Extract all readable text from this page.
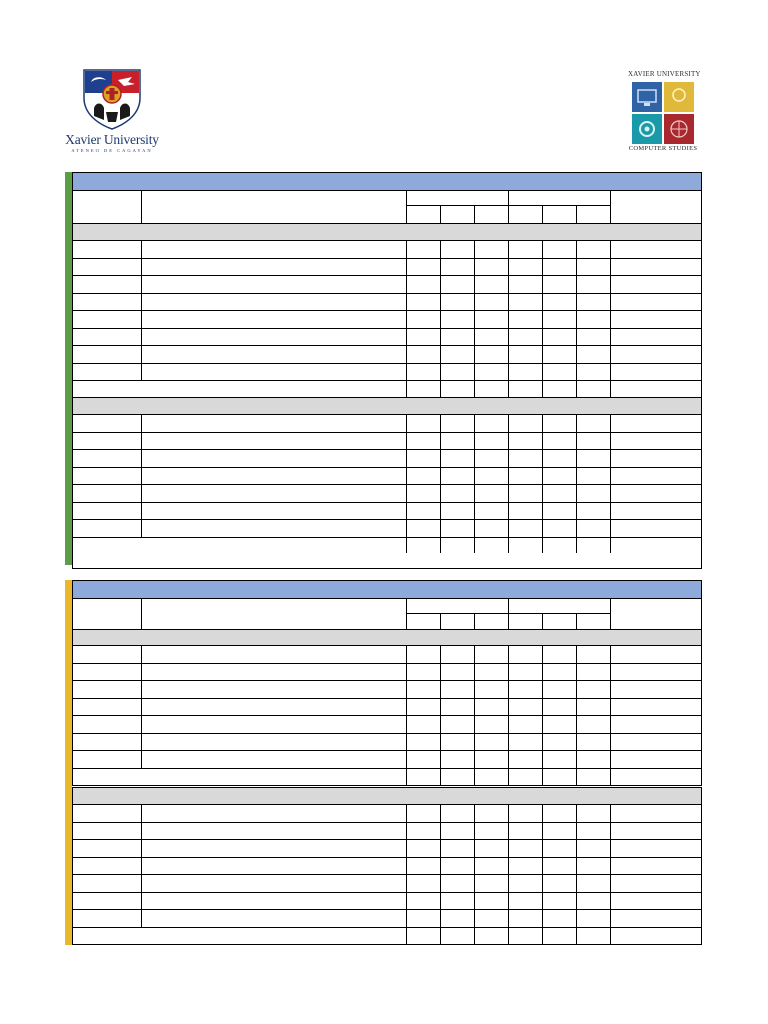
Xavier University
ATENEO DE CAGAYAN
XAVIER UNIVERSITY
COMPUTER STUDIES
